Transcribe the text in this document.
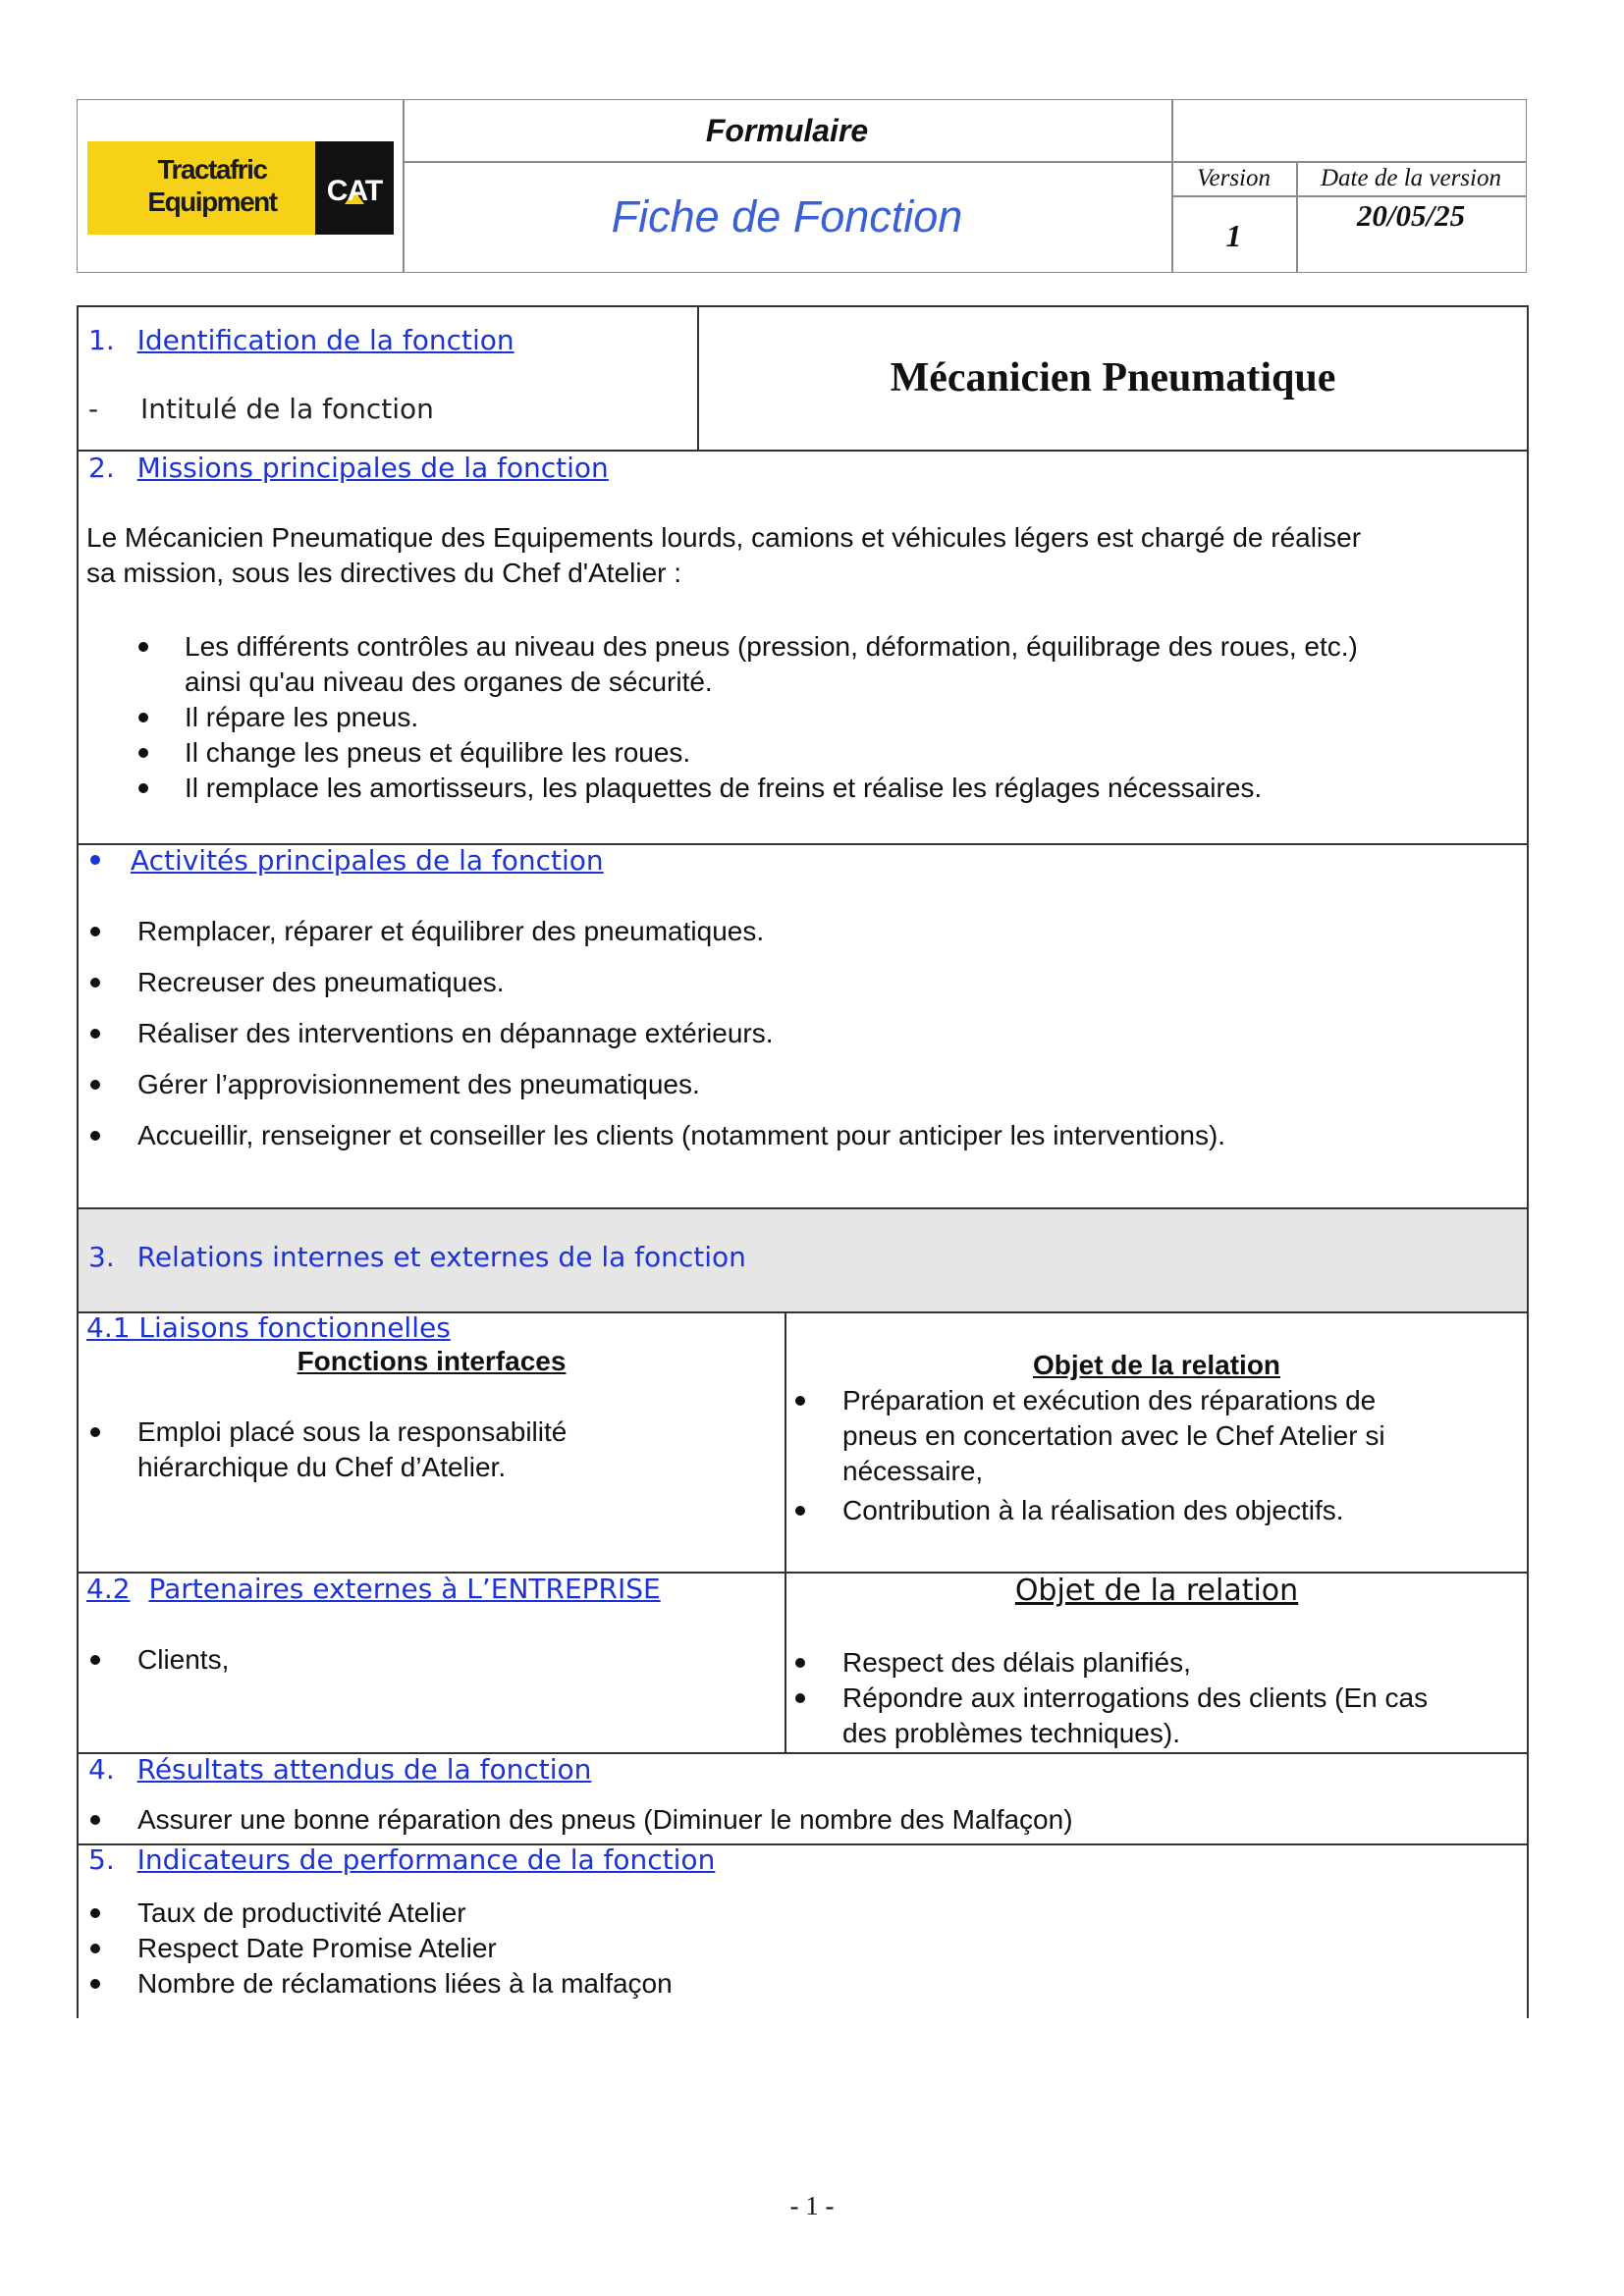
Tractafric
Equipment	CAT
Formulaire
Fiche de Fonction
Version
1
Date de la version
20/05/25
1. Identification de la fonction
- Intitulé de la fonction
Mécanicien Pneumatique
2. Missions principales de la fonction
Le Mécanicien Pneumatique des Equipements lourds, camions et véhicules légers est chargé de réaliser
sa mission, sous les directives du Chef d'Atelier :
Les différents contrôles au niveau des pneus (pression, déformation, équilibrage des roues, etc.)
ainsi qu'au niveau des organes de sécurité.
Il répare les pneus.
Il change les pneus et équilibre les roues.
Il remplace les amortisseurs, les plaquettes de freins et réalise les réglages nécessaires.
Activités principales de la fonction
Remplacer, réparer et équilibrer des pneumatiques.
Recreuser des pneumatiques.
Réaliser des interventions en dépannage extérieurs.
Gérer l’approvisionnement des pneumatiques.
Accueillir, renseigner et conseiller les clients (notamment pour anticiper les interventions).
3. Relations internes et externes de la fonction
4.1 Liaisons fonctionnelles
Fonctions interfaces
Emploi placé sous la responsabilité
hiérarchique du Chef d’Atelier.
Objet de la relation
Préparation et exécution des réparations de
pneus en concertation avec le Chef Atelier si
nécessaire,
Contribution à la réalisation des objectifs.
4.2 Partenaires externes à L’ENTREPRISE
Clients,
Objet de la relation
Respect des délais planifiés,
Répondre aux interrogations des clients (En cas
des problèmes techniques).
4. Résultats attendus de la fonction
Assurer une bonne réparation des pneus (Diminuer le nombre des Malfaçon)
5. Indicateurs de performance de la fonction
Taux de productivité Atelier
Respect Date Promise Atelier
Nombre de réclamations liées à la malfaçon
- 1 -
